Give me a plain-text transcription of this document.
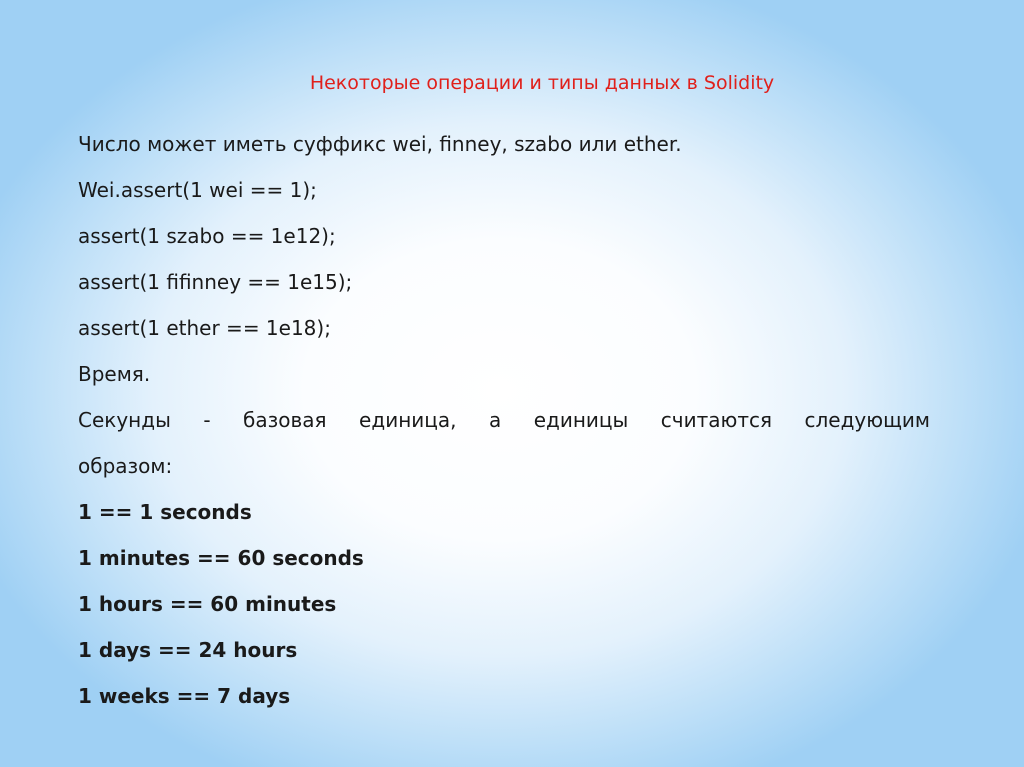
Некоторые операции и типы данных в Solidity
Число может иметь суффикс wei, finney, szabo или ether.
Wei.assert(1 wei == 1);
assert(1 szabo == 1e12);
assert(1 fifinney == 1e15);
assert(1 ether == 1e18);
Время.
Секунды - базовая единица, а единицы считаются следующим
образом:
1 == 1 seconds
1 minutes == 60 seconds
1 hours == 60 minutes
1 days == 24 hours
1 weeks == 7 days
